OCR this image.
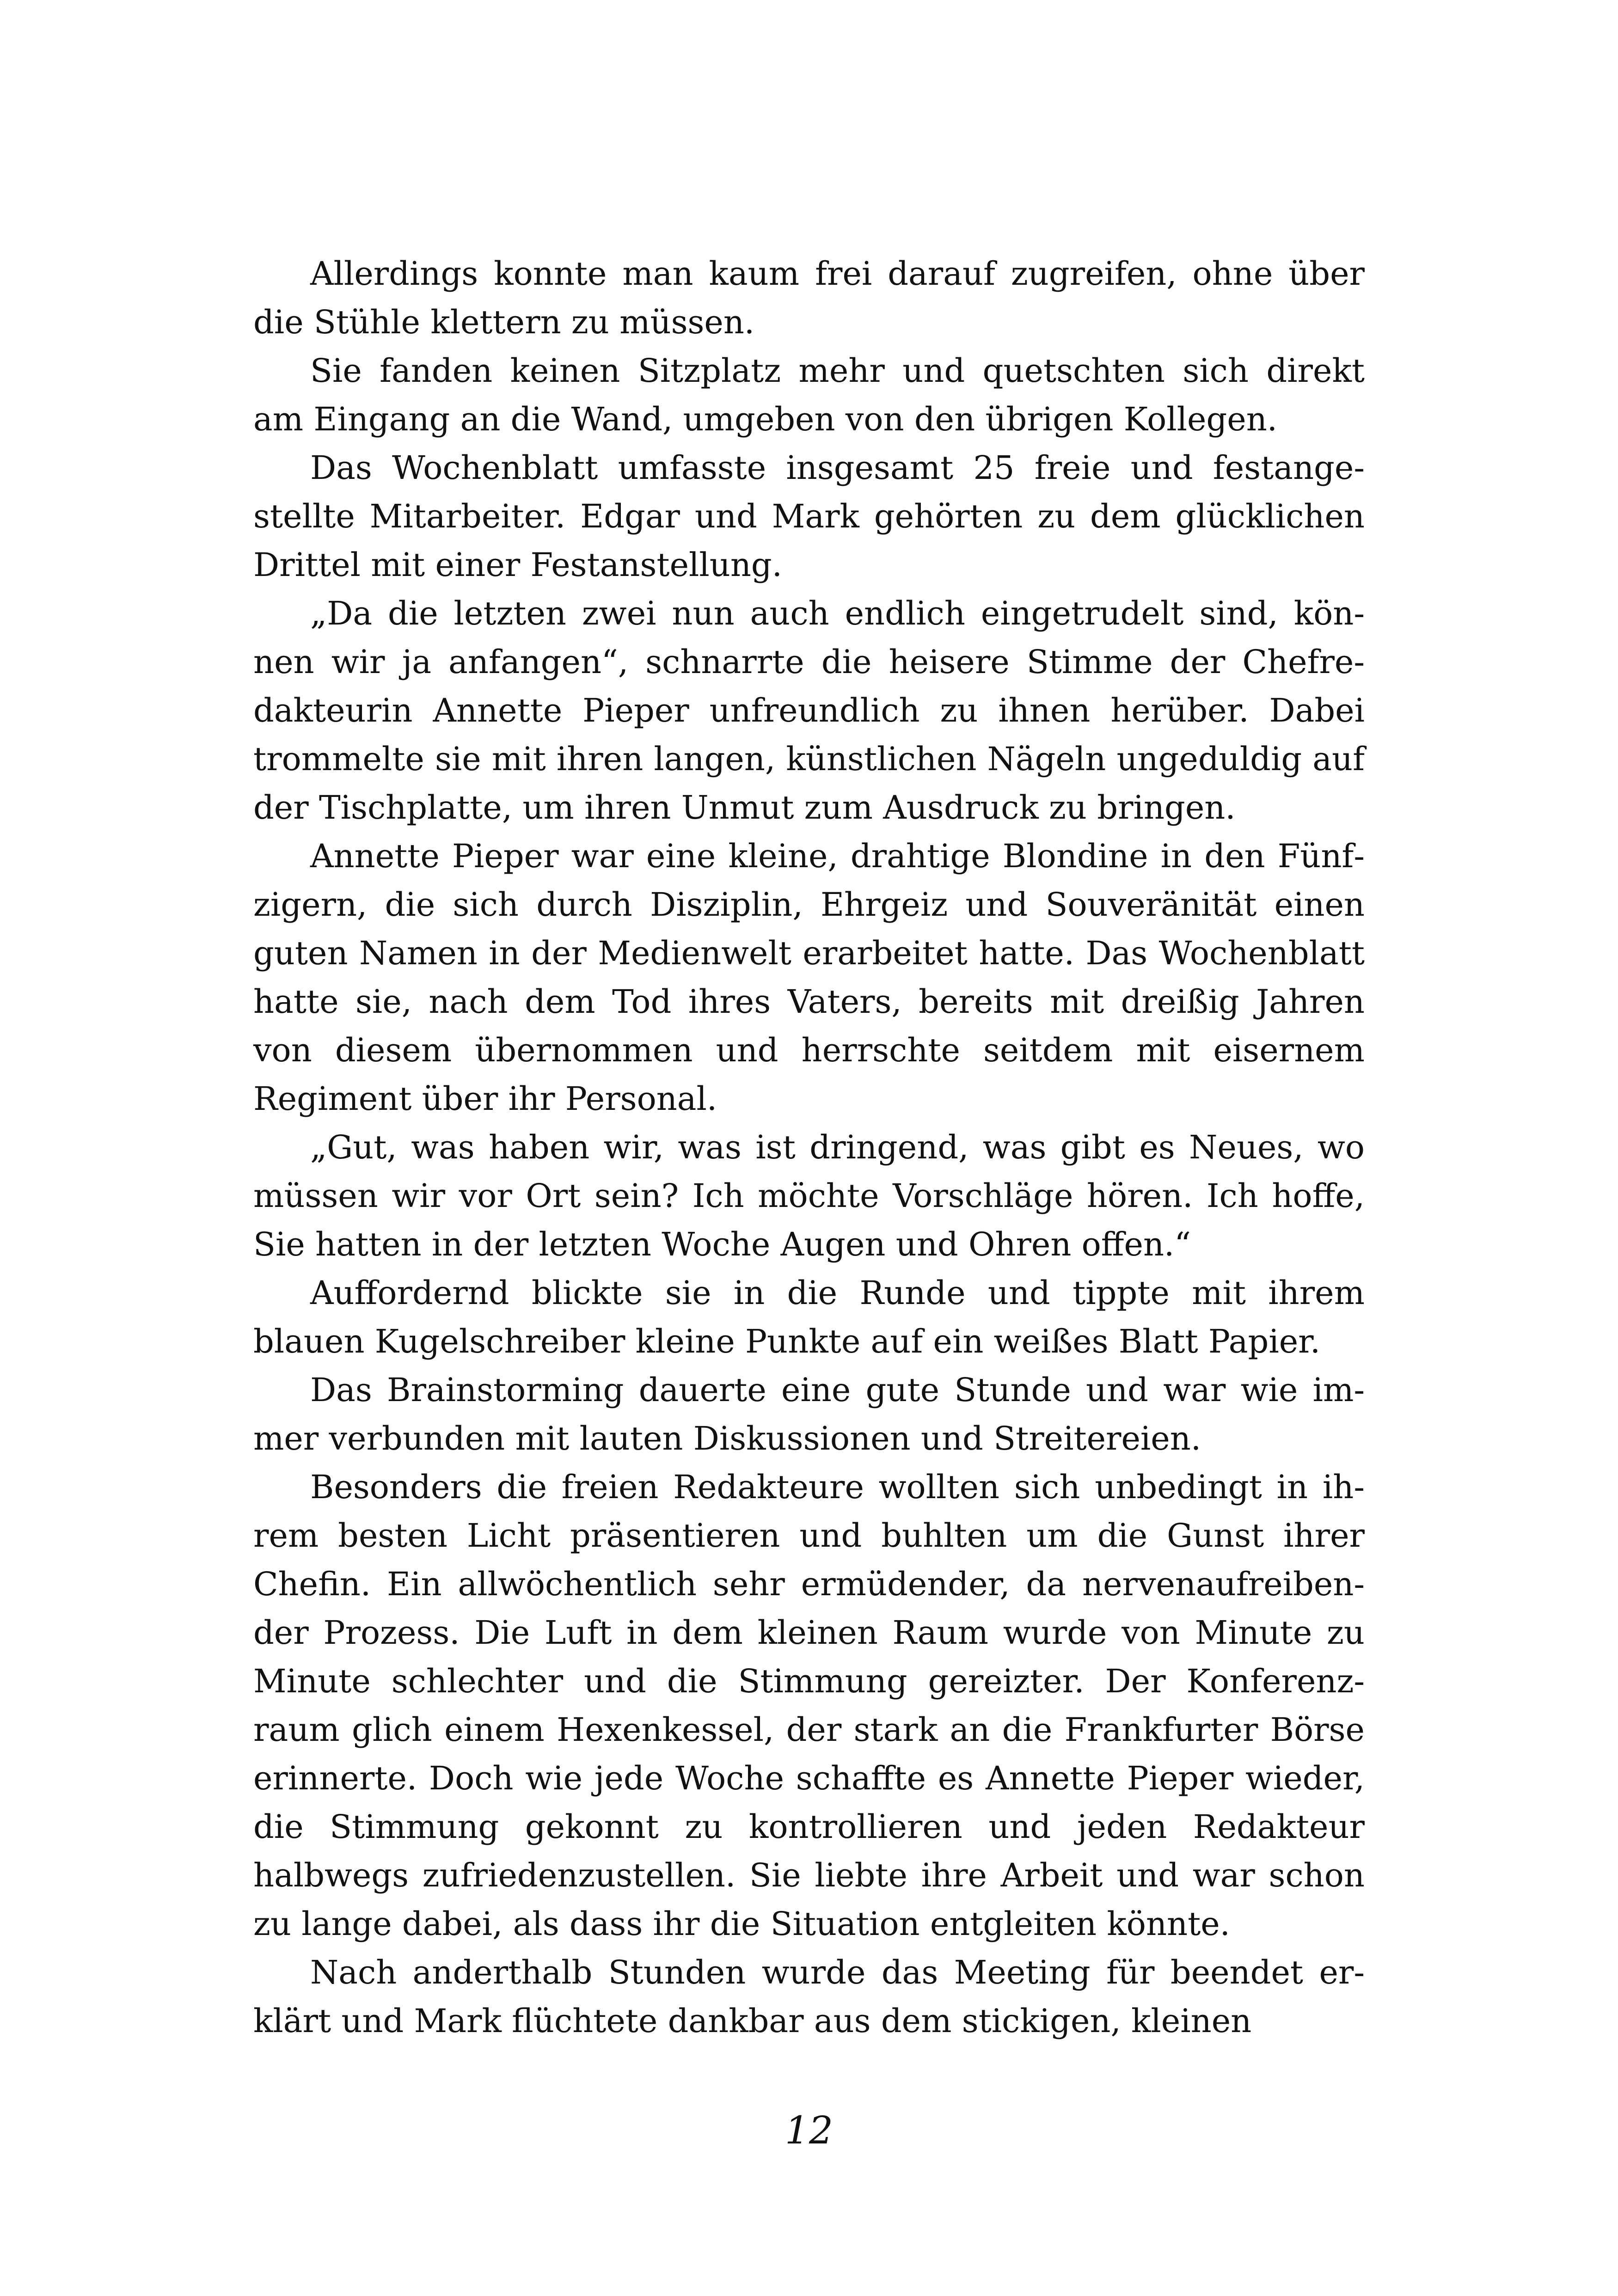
Allerdings konnte man kaum frei darauf zugreifen, ohne über die Stühle klettern zu müssen.

Sie fanden keinen Sitzplatz mehr und quetschten sich direkt am Eingang an die Wand, umgeben von den übrigen Kollegen.

Das Wochenblatt umfasste insgesamt 25 freie und festangestellte Mitarbeiter. Edgar und Mark gehörten zu dem glücklichen Drittel mit einer Festanstellung.

„Da die letzten zwei nun auch endlich eingetrudelt sind, können wir ja anfangen“, schnarrte die heisere Stimme der Chefredakteurin Annette Pieper unfreundlich zu ihnen herüber. Dabei trommelte sie mit ihren langen, künstlichen Nägeln ungeduldig auf der Tischplatte, um ihren Unmut zum Ausdruck zu bringen.

Annette Pieper war eine kleine, drahtige Blondine in den Fünfzigern, die sich durch Disziplin, Ehrgeiz und Souveränität einen guten Namen in der Medienwelt erarbeitet hatte. Das Wochenblatt hatte sie, nach dem Tod ihres Vaters, bereits mit dreißig Jahren von diesem übernommen und herrschte seitdem mit eisernem Regiment über ihr Personal.

„Gut, was haben wir, was ist dringend, was gibt es Neues, wo müssen wir vor Ort sein? Ich möchte Vorschläge hören. Ich hoffe, Sie hatten in der letzten Woche Augen und Ohren offen.“

Auffordernd blickte sie in die Runde und tippte mit ihrem blauen Kugelschreiber kleine Punkte auf ein weißes Blatt Papier.

Das Brainstorming dauerte eine gute Stunde und war wie immer verbunden mit lauten Diskussionen und Streitereien.

Besonders die freien Redakteure wollten sich unbedingt in ihrem besten Licht präsentieren und buhlten um die Gunst ihrer Chefin. Ein allwöchentlich sehr ermüdender, da nervenaufreibender Prozess. Die Luft in dem kleinen Raum wurde von Minute zu Minute schlechter und die Stimmung gereizter. Der Konferenzraum glich einem Hexenkessel, der stark an die Frankfurter Börse erinnerte. Doch wie jede Woche schaffte es Annette Pieper wieder, die Stimmung gekonnt zu kontrollieren und jeden Redakteur halbwegs zufriedenzustellen. Sie liebte ihre Arbeit und war schon zu lange dabei, als dass ihr die Situation entgleiten könnte.

Nach anderthalb Stunden wurde das Meeting für beendet erklärt und Mark flüchtete dankbar aus dem stickigen, kleinen

12
